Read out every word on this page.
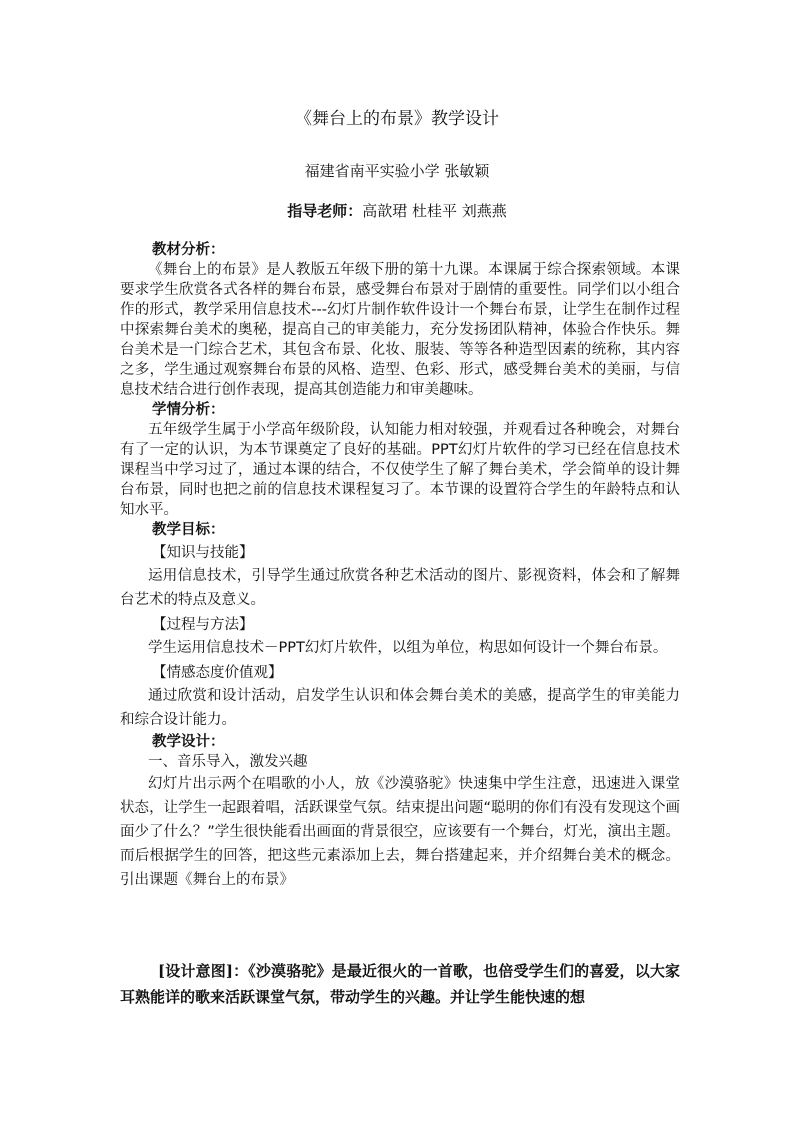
《舞台上的布景》教学设计
福建省南平实验小学 张敏颖
指导老师：高歆珺 杜桂平 刘燕燕
教材分析：
《舞台上的布景》是人教版五年级下册的第十九课。本课属于综合探索领域。本课要求学生欣赏各式各样的舞台布景，感受舞台布景对于剧情的重要性。同学们以小组合作的形式，教学采用信息技术---幻灯片制作软件设计一个舞台布景，让学生在制作过程中探索舞台美术的奥秘，提高自己的审美能力，充分发扬团队精神，体验合作快乐。舞台美术是一门综合艺术，其包含布景、化妆、服装、等等各种造型因素的统称，其内容之多，学生通过观察舞台布景的风格、造型、色彩、形式，感受舞台美术的美丽，与信息技术结合进行创作表现，提高其创造能力和审美趣味。
学情分析：
五年级学生属于小学高年级阶段，认知能力相对较强，并观看过各种晚会，对舞台有了一定的认识，为本节课奠定了良好的基础。PPT幻灯片软件的学习已经在信息技术课程当中学习过了，通过本课的结合，不仅使学生了解了舞台美术，学会简单的设计舞台布景，同时也把之前的信息技术课程复习了。本节课的设置符合学生的年龄特点和认知水平。
教学目标：
【知识与技能】
运用信息技术，引导学生通过欣赏各种艺术活动的图片、影视资料，体会和了解舞台艺术的特点及意义。
【过程与方法】
学生运用信息技术－PPT幻灯片软件，以组为单位，构思如何设计一个舞台布景。
【情感态度价值观】
通过欣赏和设计活动，启发学生认识和体会舞台美术的美感，提高学生的审美能力和综合设计能力。
教学设计：
一、音乐导入，激发兴趣
幻灯片出示两个在唱歌的小人，放《沙漠骆驼》快速集中学生注意，迅速进入课堂状态，让学生一起跟着唱，活跃课堂气氛。结束提出问题“聪明的你们有没有发现这个画面少了什么？”学生很快能看出画面的背景很空，应该要有一个舞台，灯光，演出主题。而后根据学生的回答，把这些元素添加上去，舞台搭建起来，并介绍舞台美术的概念。引出课题《舞台上的布景》
[设计意图]：《沙漠骆驼》是最近很火的一首歌，也倍受学生们的喜爱，以大家耳熟能详的歌来活跃课堂气氛，带动学生的兴趣。并让学生能快速的想
